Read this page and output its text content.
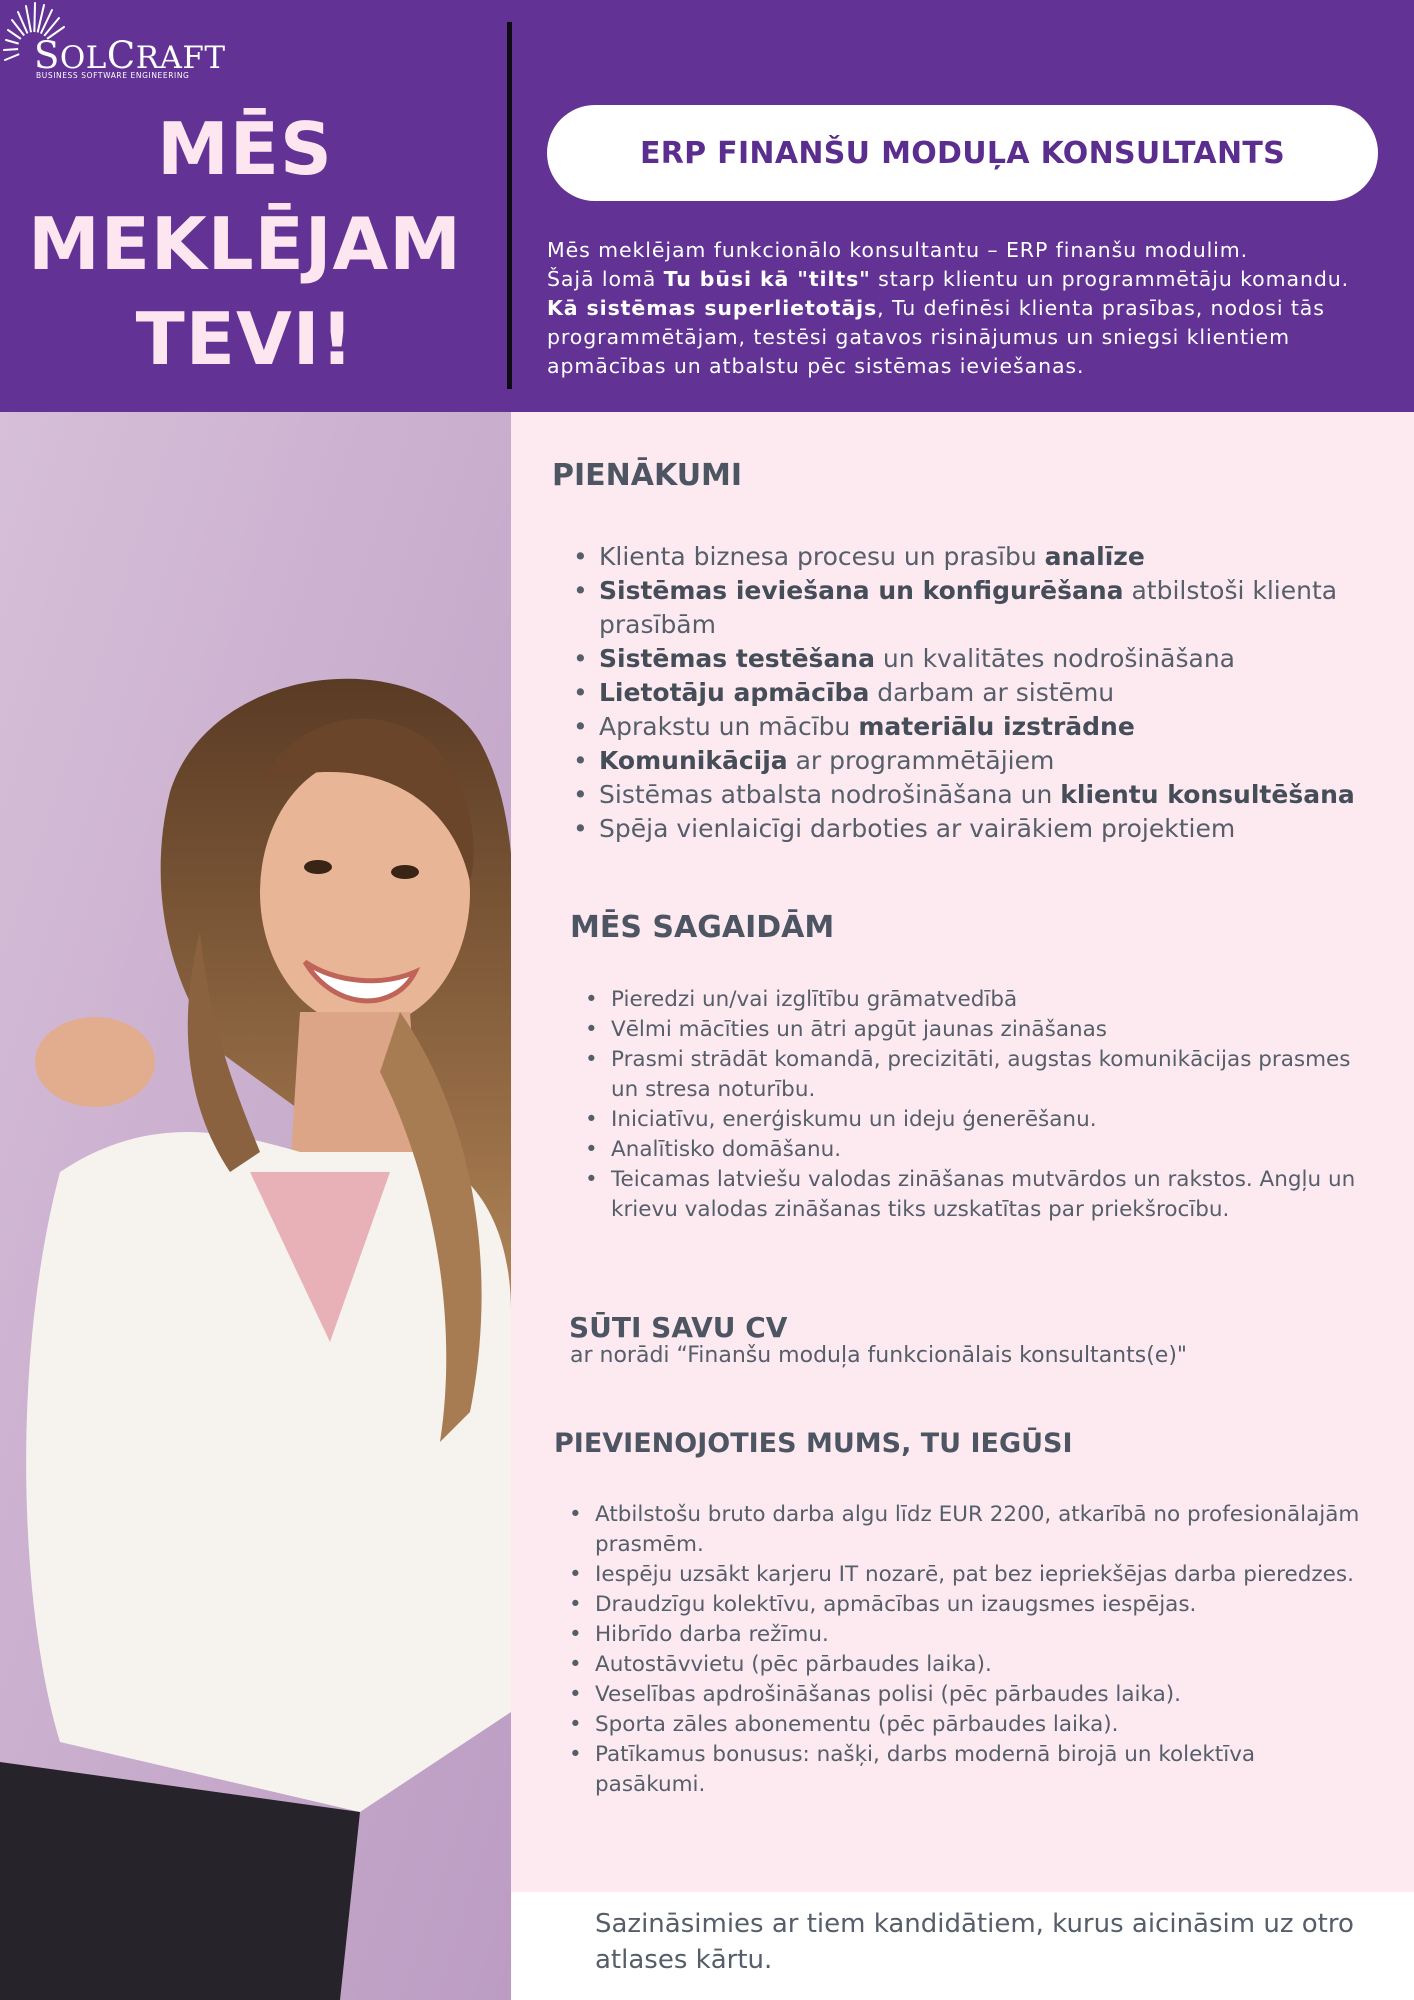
SOLCRAFT
BUSINESS SOFTWARE ENGINEERING
MĒS
MEKLĒJAM
TEVI!
ERP FINANŠU MODUĻA KONSULTANTS

Mēs meklējam funkcionālo konsultantu – ERP finanšu modulim.

Šajā lomā Tu būsi kā "tilts" starp klientu un programmētāju komandu.

Kā sistēmas superlietotājs, Tu definēsi klienta prasības, nodosi tās

programmētājam, testēsi gatavos risinājumus un sniegsi klientiem

apmācības un atbalstu pēc sistēmas ieviešanas.

PIENĀKUMI
• Klienta biznesa procesu un prasību analīze
• Sistēmas ieviešana un konfigurēšana atbilstoši klienta prasībām
• Sistēmas testēšana un kvalitātes nodrošināšana
• Lietotāju apmācība darbam ar sistēmu
• Aprakstu un mācību materiālu izstrādne
• Komunikācija ar programmētājiem
• Sistēmas atbalsta nodrošināšana un klientu konsultēšana
• Spēja vienlaicīgi darboties ar vairākiem projektiem
MĒS SAGAIDĀM
• Pieredzi un/vai izglītību grāmatvedībā
• Vēlmi mācīties un ātri apgūt jaunas zināšanas
• Prasmi strādāt komandā, precizitāti, augstas komunikācijas prasmes un stresa noturību.
• Iniciatīvu, enerģiskumu un ideju ģenerēšanu.
• Analītisko domāšanu.
• Teicamas latviešu valodas zināšanas mutvārdos un rakstos. Angļu un krievu valodas zināšanas tiks uzskatītas par priekšrocību.
SŪTI SAVU CV
ar norādi “Finanšu moduļa funkcionālais konsultants(e)"
PIEVIENOJOTIES MUMS, TU IEGŪSI
• Atbilstošu bruto darba algu līdz EUR 2200, atkarībā no profesionālajām prasmēm.
• Iespēju uzsākt karjeru IT nozarē, pat bez iepriekšējas darba pieredzes.
• Draudzīgu kolektīvu, apmācības un izaugsmes iespējas.
• Hibrīdo darba režīmu.
• Autostāvvietu (pēc pārbaudes laika).
• Veselības apdrošināšanas polisi (pēc pārbaudes laika).
• Sporta zāles abonementu (pēc pārbaudes laika).
• Patīkamus bonusus: našķi, darbs modernā birojā un kolektīva pasākumi.
Sazināsimies ar tiem kandidātiem, kurus aicināsim uz otro atlases kārtu.
